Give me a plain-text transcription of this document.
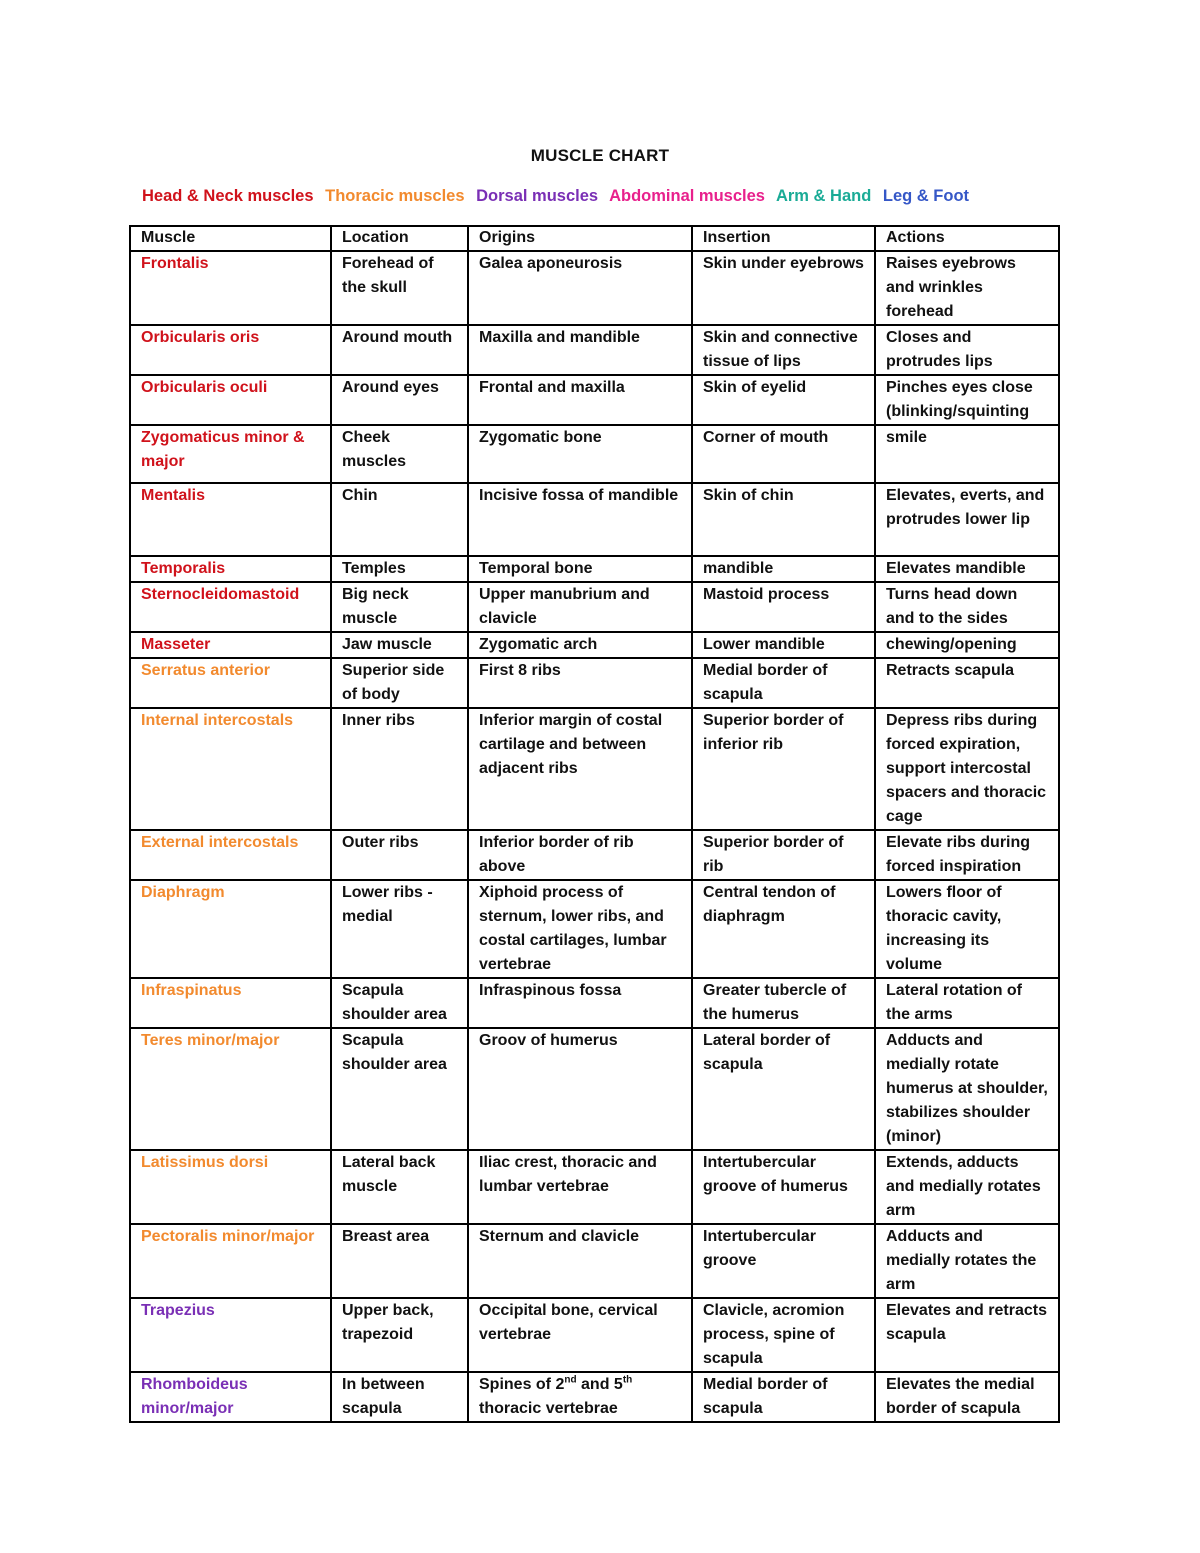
MUSCLE CHART
Head & Neck muscles Thoracic muscles Dorsal muscles Abdominal muscles Arm & Hand Leg & Foot
Muscle	Location	Origins	Insertion	Actions
Frontalis	Forehead of the skull	Galea aponeurosis	Skin under eyebrows	Raises eyebrows and wrinkles forehead
Orbicularis oris	Around mouth	Maxilla and mandible	Skin and connective tissue of lips	Closes and protrudes lips
Orbicularis oculi	Around eyes	Frontal and maxilla	Skin of eyelid	Pinches eyes close (blinking/squinting
Zygomaticus minor & major	Cheek muscles	Zygomatic bone	Corner of mouth	smile
Mentalis	Chin	Incisive fossa of mandible	Skin of chin	Elevates, everts, and protrudes lower lip
Temporalis	Temples	Temporal bone	mandible	Elevates mandible
Sternocleidomastoid	Big neck muscle	Upper manubrium and clavicle	Mastoid process	Turns head down and to the sides
Masseter	Jaw muscle	Zygomatic arch	Lower mandible	chewing/opening
Serratus anterior	Superior side of body	First 8 ribs	Medial border of scapula	Retracts scapula
Internal intercostals	Inner ribs	Inferior margin of costal cartilage and between adjacent ribs	Superior border of inferior rib	Depress ribs during forced expiration, support intercostal spacers and thoracic cage
External intercostals	Outer ribs	Inferior border of rib above	Superior border of rib	Elevate ribs during forced inspiration
Diaphragm	Lower ribs - medial	Xiphoid process of sternum, lower ribs, and costal cartilages, lumbar vertebrae	Central tendon of diaphragm	Lowers floor of thoracic cavity, increasing its volume
Infraspinatus	Scapula shoulder area	Infraspinous fossa	Greater tubercle of the humerus	Lateral rotation of the arms
Teres minor/major	Scapula shoulder area	Groov of humerus	Lateral border of scapula	Adducts and medially rotate humerus at shoulder, stabilizes shoulder (minor)
Latissimus dorsi	Lateral back muscle	Iliac crest, thoracic and lumbar vertebrae	Intertubercular groove of humerus	Extends, adducts and medially rotates arm
Pectoralis minor/major	Breast area	Sternum and clavicle	Intertubercular groove	Adducts and medially rotates the arm
Trapezius	Upper back, trapezoid	Occipital bone, cervical vertebrae	Clavicle, acromion process, spine of scapula	Elevates and retracts scapula
Rhomboideus minor/major	In between scapula	Spines of 2nd and 5th thoracic vertebrae	Medial border of scapula	Elevates the medial border of scapula
